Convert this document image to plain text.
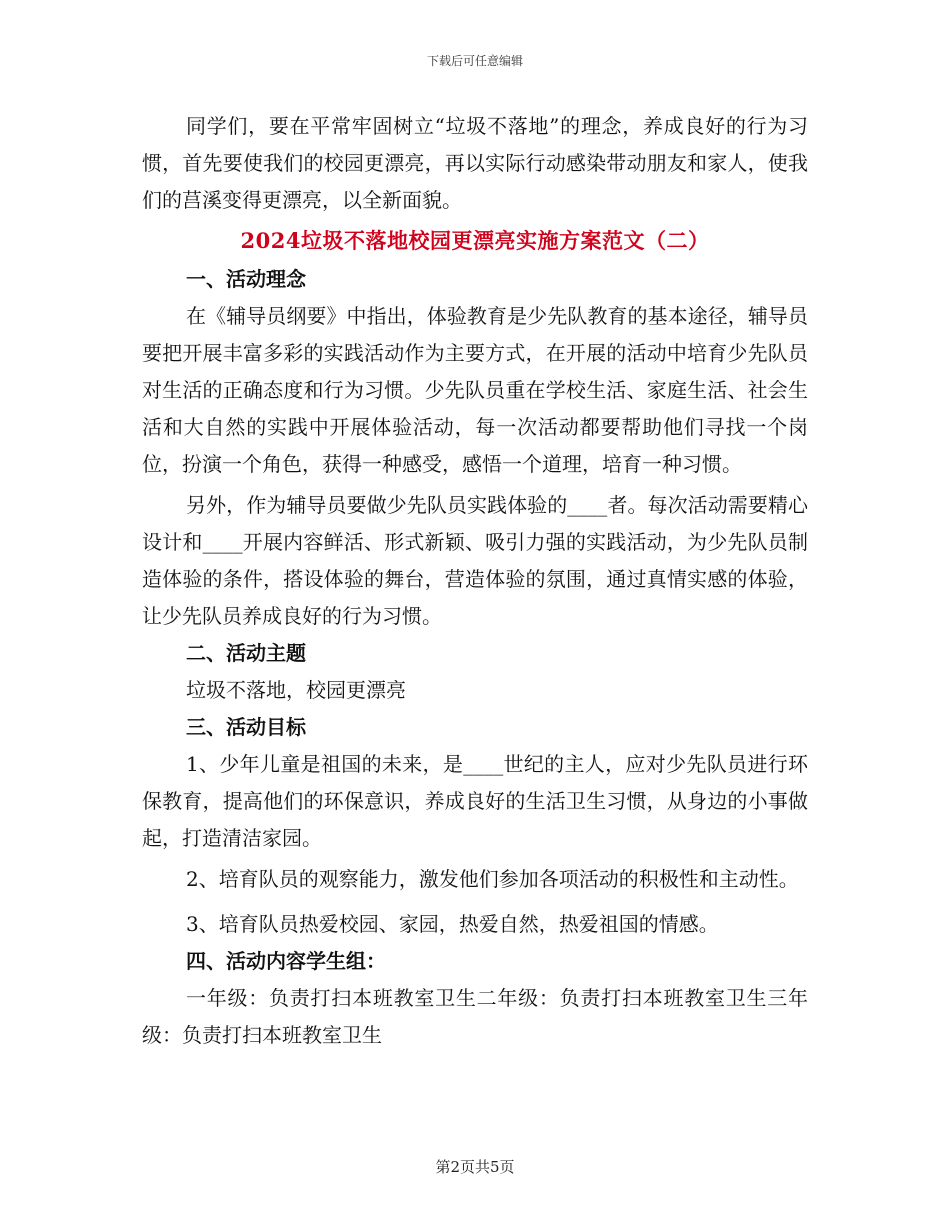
下载后可任意编辑

同学们，要在平常牢固树立“垃圾不落地”的理念，养成良好的行为习惯，首先要使我们的校园更漂亮，再以实际行动感染带动朋友和家人，使我们的莒溪变得更漂亮，以全新面貌。

2024垃圾不落地校园更漂亮实施方案范文（二）
一、活动理念

在《辅导员纲要》中指出，体验教育是少先队教育的基本途径，辅导员要把开展丰富多彩的实践活动作为主要方式，在开展的活动中培育少先队员对生活的正确态度和行为习惯。少先队员重在学校生活、家庭生活、社会生活和大自然的实践中开展体验活动，每一次活动都要帮助他们寻找一个岗位，扮演一个角色，获得一种感受，感悟一个道理，培育一种习惯。

另外，作为辅导员要做少先队员实践体验的____者。每次活动需要精心设计和____开展内容鲜活、形式新颖、吸引力强的实践活动，为少先队员制造体验的条件，搭设体验的舞台，营造体验的氛围，通过真情实感的体验，让少先队员养成良好的行为习惯。

二、活动主题

垃圾不落地，校园更漂亮

三、活动目标

1、少年儿童是祖国的未来，是____世纪的主人，应对少先队员进行环保教育，提高他们的环保意识，养成良好的生活卫生习惯，从身边的小事做起，打造清洁家园。

2、培育队员的观察能力，激发他们参加各项活动的积极性和主动性。

3、培育队员热爱校园、家园，热爱自然，热爱祖国的情感。

四、活动内容学生组：

一年级：负责打扫本班教室卫生二年级：负责打扫本班教室卫生三年级：负责打扫本班教室卫生

第2页共5页
